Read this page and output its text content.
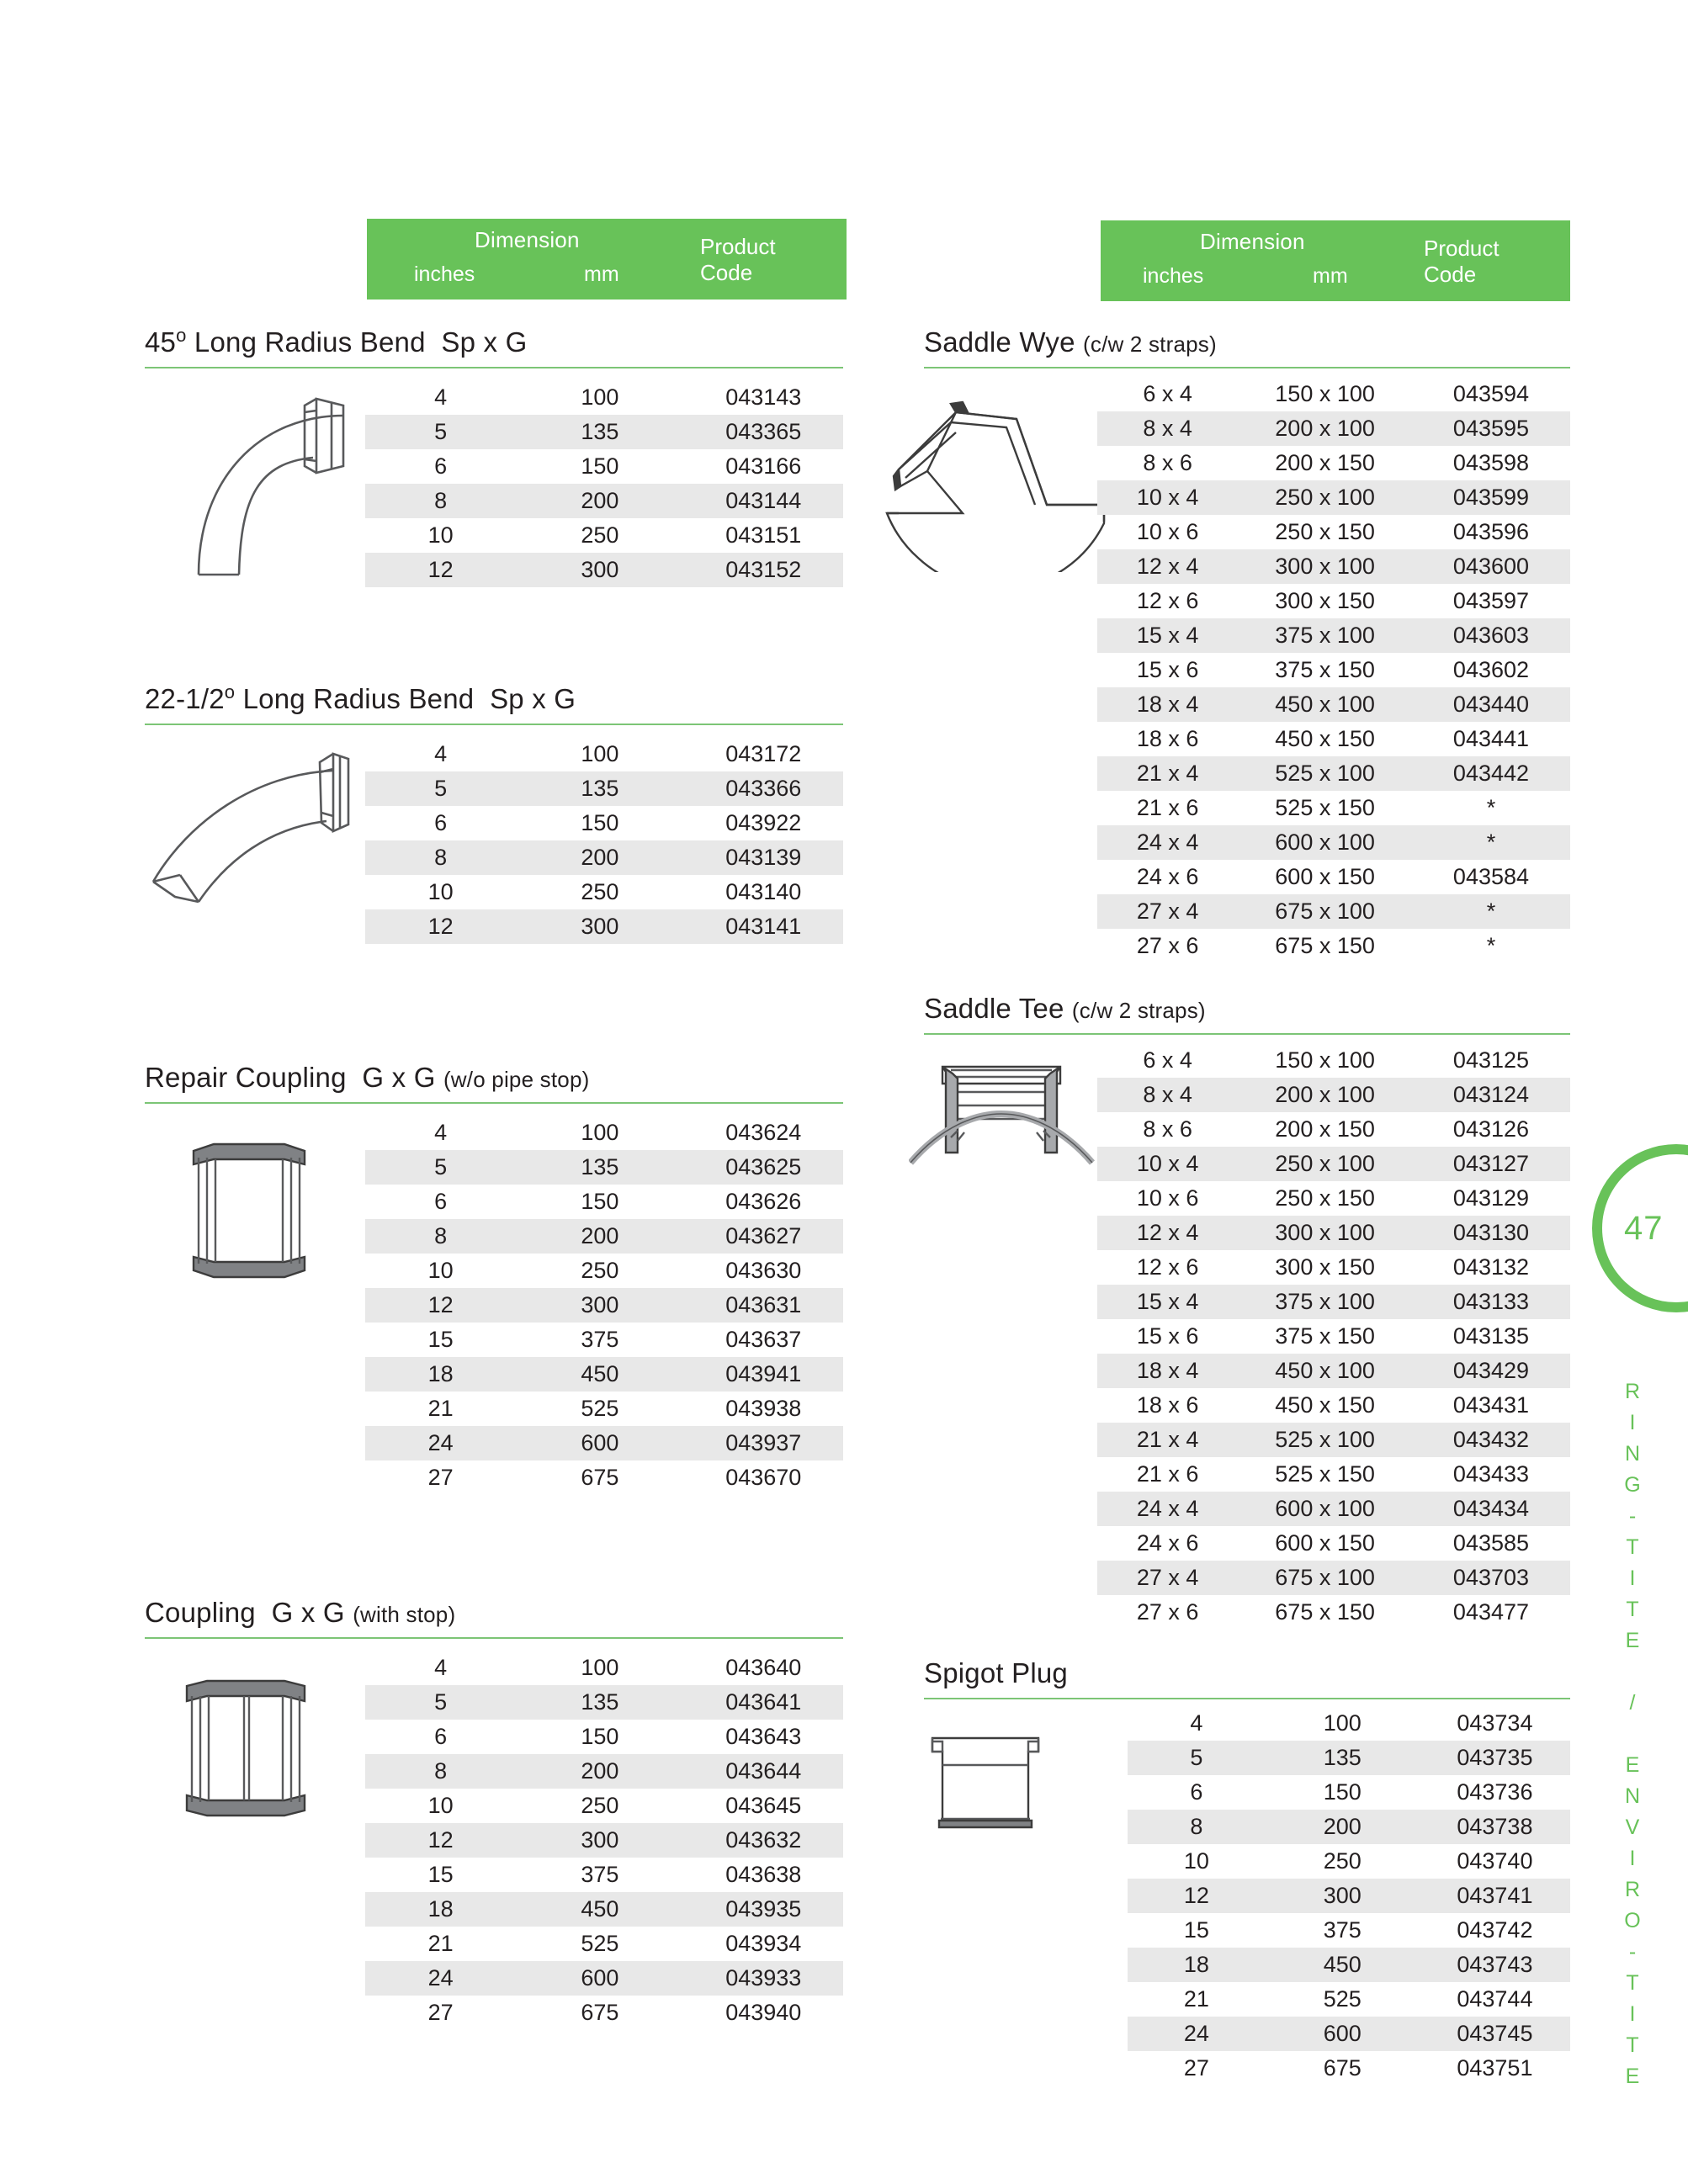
Dimension
inches	mm
Product Code
Dimension
inches	mm
Product Code
45$^o$ Long Radius Bend Sp x G
4	100	043143
5	135	043365
6	150	043166
8	200	043144
10	250	043151
12	300	043152
22-1/2$^o$ Long Radius Bend Sp x G
4	100	043172
5	135	043366
6	150	043922
8	200	043139
10	250	043140
12	300	043141
Repair Coupling G x G (w/o pipe stop)
4	100	043624
5	135	043625
6	150	043626
8	200	043627
10	250	043630
12	300	043631
15	375	043637
18	450	043941
21	525	043938
24	600	043937
27	675	043670
Coupling G x G (with stop)
4	100	043640
5	135	043641
6	150	043643
8	200	043644
10	250	043645
12	300	043632
15	375	043638
18	450	043935
21	525	043934
24	600	043933
27	675	043940
Saddle Wye (c/w 2 straps)
6 x 4	150 x 100	043594
8 x 4	200 x 100	043595
8 x 6	200 x 150	043598
10 x 4	250 x 100	043599
10 x 6	250 x 150	043596
12 x 4	300 x 100	043600
12 x 6	300 x 150	043597
15 x 4	375 x 100	043603
15 x 6	375 x 150	043602
18 x 4	450 x 100	043440
18 x 6	450 x 150	043441
21 x 4	525 x 100	043442
21 x 6	525 x 150	*
24 x 4	600 x 100	*
24 x 6	600 x 150	043584
27 x 4	675 x 100	*
27 x 6	675 x 150	*
Saddle Tee (c/w 2 straps)
6 x 4	150 x 100	043125
8 x 4	200 x 100	043124
8 x 6	200 x 150	043126
10 x 4	250 x 100	043127
10 x 6	250 x 150	043129
12 x 4	300 x 100	043130
12 x 6	300 x 150	043132
15 x 4	375 x 100	043133
15 x 6	375 x 150	043135
18 x 4	450 x 100	043429
18 x 6	450 x 150	043431
21 x 4	525 x 100	043432
21 x 6	525 x 150	043433
24 x 4	600 x 100	043434
24 x 6	600 x 150	043585
27 x 4	675 x 100	043703
27 x 6	675 x 150	043477
Spigot Plug
4	100	043734
5	135	043735
6	150	043736
8	200	043738
10	250	043740
12	300	043741
15	375	043742
18	450	043743
21	525	043744
24	600	043745
27	675	043751
47
RING-TITE / ENVIRO-TITE
